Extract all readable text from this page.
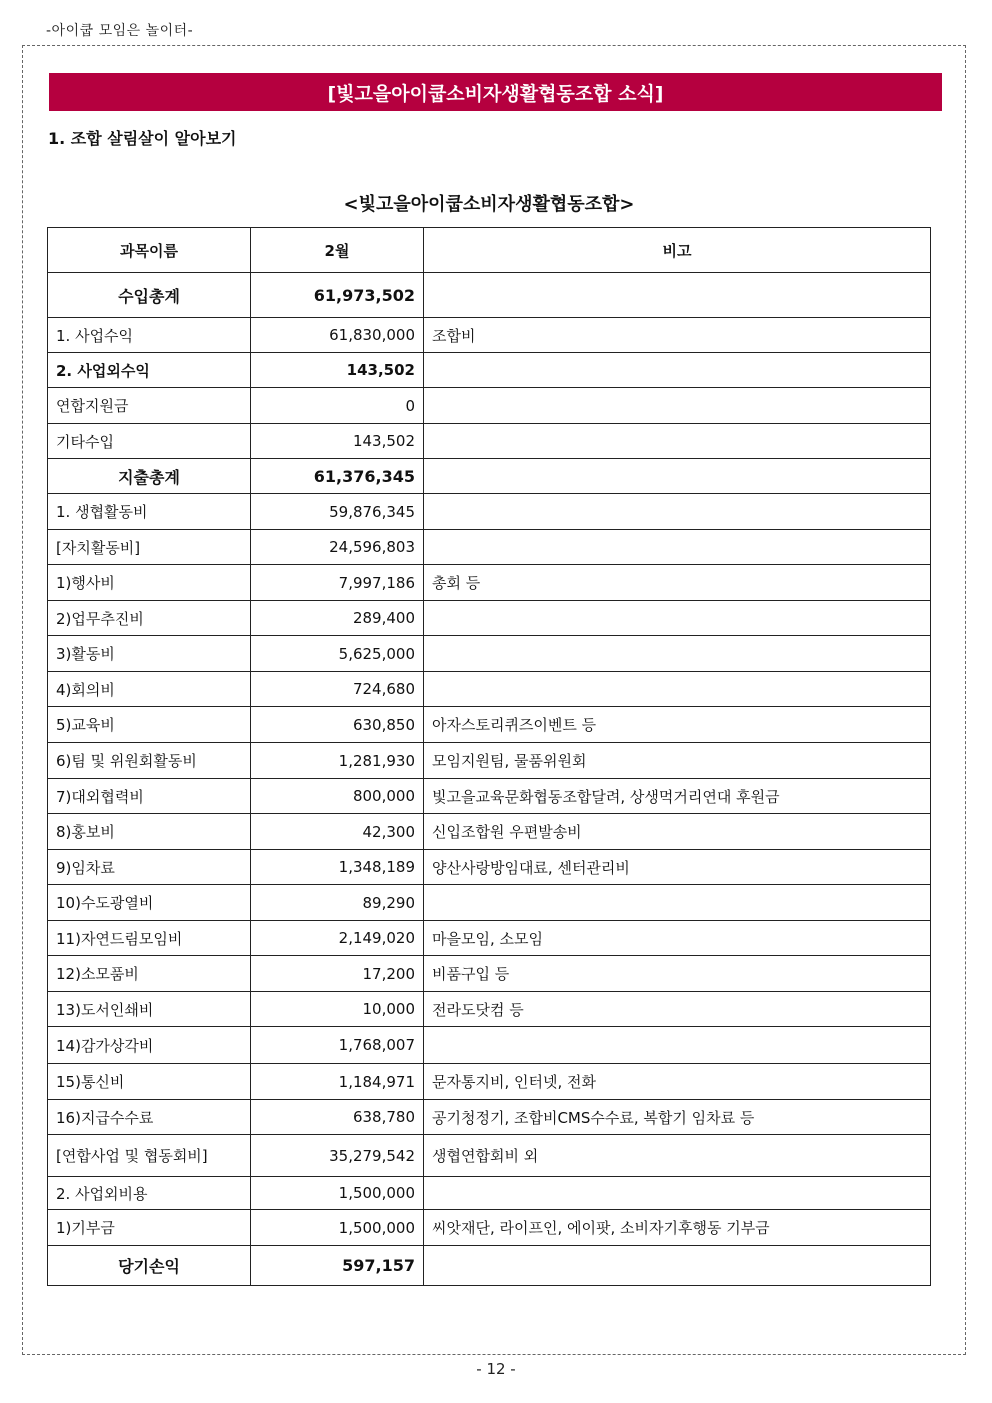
-아이쿱 모임은 놀이터-
[빛고을아이쿱소비자생활협동조합 소식]
1. 조합 살림살이 알아보기
<빛고을아이쿱소비자생활협동조합>
과목이름	2월	비고
수입총계	61,973,502	
1. 사업수익	61,830,000	조합비
2. 사업외수익	143,502	
연합지원금	0	
기타수입	143,502	
지출총계	61,376,345	
1. 생협활동비	59,876,345	
[자치활동비]	24,596,803	
1)행사비	7,997,186	총회 등
2)업무추진비	289,400	
3)활동비	5,625,000	
4)회의비	724,680	
5)교육비	630,850	아자스토리퀴즈이벤트 등
6)팀 및 위원회활동비	1,281,930	모임지원팀, 물품위원회
7)대외협력비	800,000	빛고을교육문화협동조합달려, 상생먹거리연대 후원금
8)홍보비	42,300	신입조합원 우편발송비
9)임차료	1,348,189	양산사랑방임대료, 센터관리비
10)수도광열비	89,290	
11)자연드림모임비	2,149,020	마을모임, 소모임
12)소모품비	17,200	비품구입 등
13)도서인쇄비	10,000	전라도닷컴 등
14)감가상각비	1,768,007	
15)통신비	1,184,971	문자통지비, 인터넷, 전화
16)지급수수료	638,780	공기청정기, 조합비CMS수수료, 복합기 임차료 등
[연합사업 및 협동회비]	35,279,542	생협연합회비 외
2. 사업외비용	1,500,000	
1)기부금	1,500,000	씨앗재단, 라이프인, 에이팟, 소비자기후행동 기부금
당기손익	597,157	
- 12 -
